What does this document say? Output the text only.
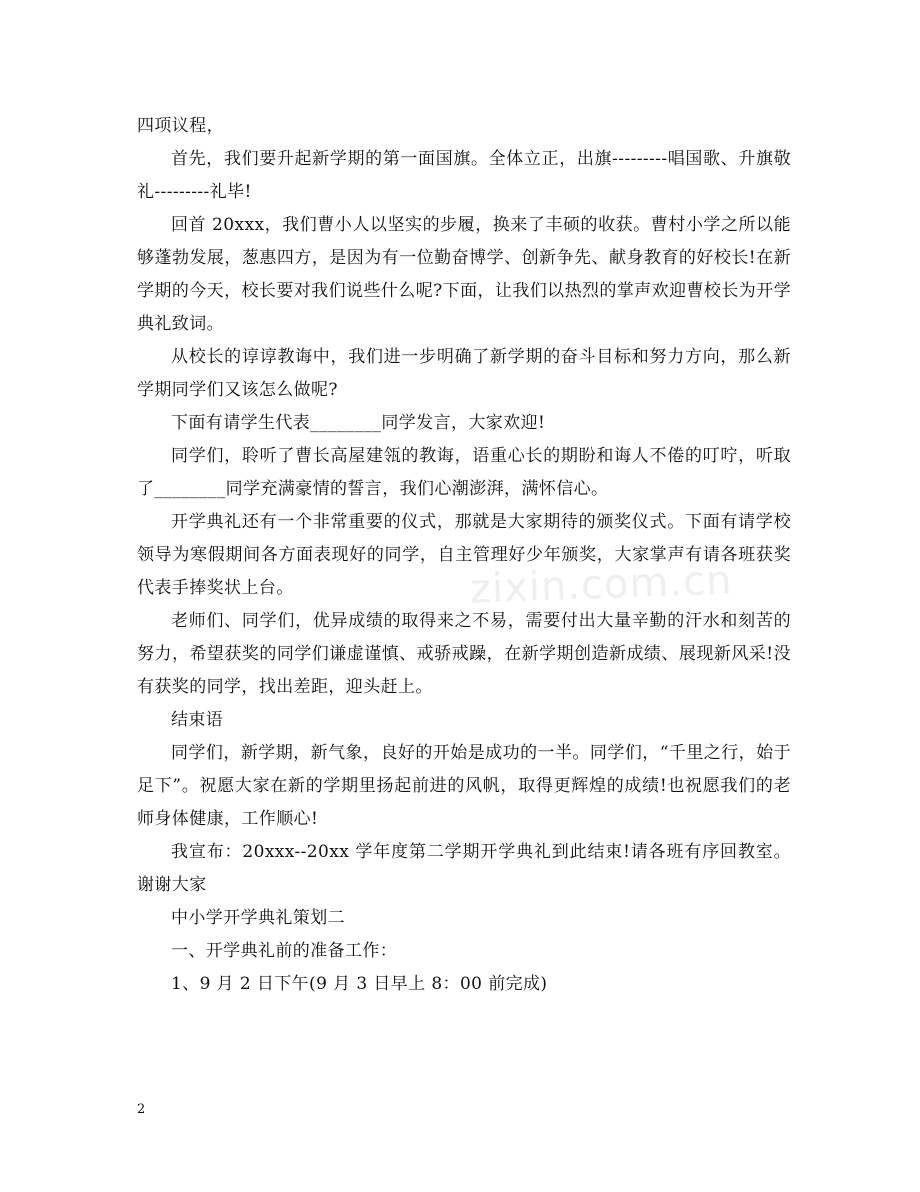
四项议程，

首先，我们要升起新学期的第一面国旗。全体立正，出旗---------唱国歌、升旗敬礼---------礼毕!

回首 20xxx，我们曹小人以坚实的步履，换来了丰硕的收获。曹村小学之所以能够蓬勃发展，葱惠四方，是因为有一位勤奋博学、创新争先、献身教育的好校长!在新学期的今天，校长要对我们说些什么呢?下面，让我们以热烈的掌声欢迎曹校长为开学典礼致词。

从校长的谆谆教诲中，我们进一步明确了新学期的奋斗目标和努力方向，那么新学期同学们又该怎么做呢?

下面有请学生代表________同学发言，大家欢迎!

同学们，聆听了曹长高屋建瓴的教诲，语重心长的期盼和诲人不倦的叮咛，听取了________同学充满豪情的誓言，我们心潮澎湃，满怀信心。

开学典礼还有一个非常重要的仪式，那就是大家期待的颁奖仪式。下面有请学校领导为寒假期间各方面表现好的同学，自主管理好少年颁奖，大家掌声有请各班获奖代表手捧奖状上台。

老师们、同学们，优异成绩的取得来之不易，需要付出大量辛勤的汗水和刻苦的努力，希望获奖的同学们谦虚谨慎、戒骄戒躁，在新学期创造新成绩、展现新风采!没有获奖的同学，找出差距，迎头赶上。

结束语

同学们，新学期，新气象，良好的开始是成功的一半。同学们，“千里之行，始于足下”。祝愿大家在新的学期里扬起前进的风帆，取得更辉煌的成绩!也祝愿我们的老师身体健康，工作顺心!

我宣布：20xxx--20xx 学年度第二学期开学典礼到此结束!请各班有序回教室。谢谢大家

中小学开学典礼策划二

一、开学典礼前的准备工作：

1、9 月 2 日下午(9 月 3 日早上 8：00 前完成)

zixin.com.cn
2
